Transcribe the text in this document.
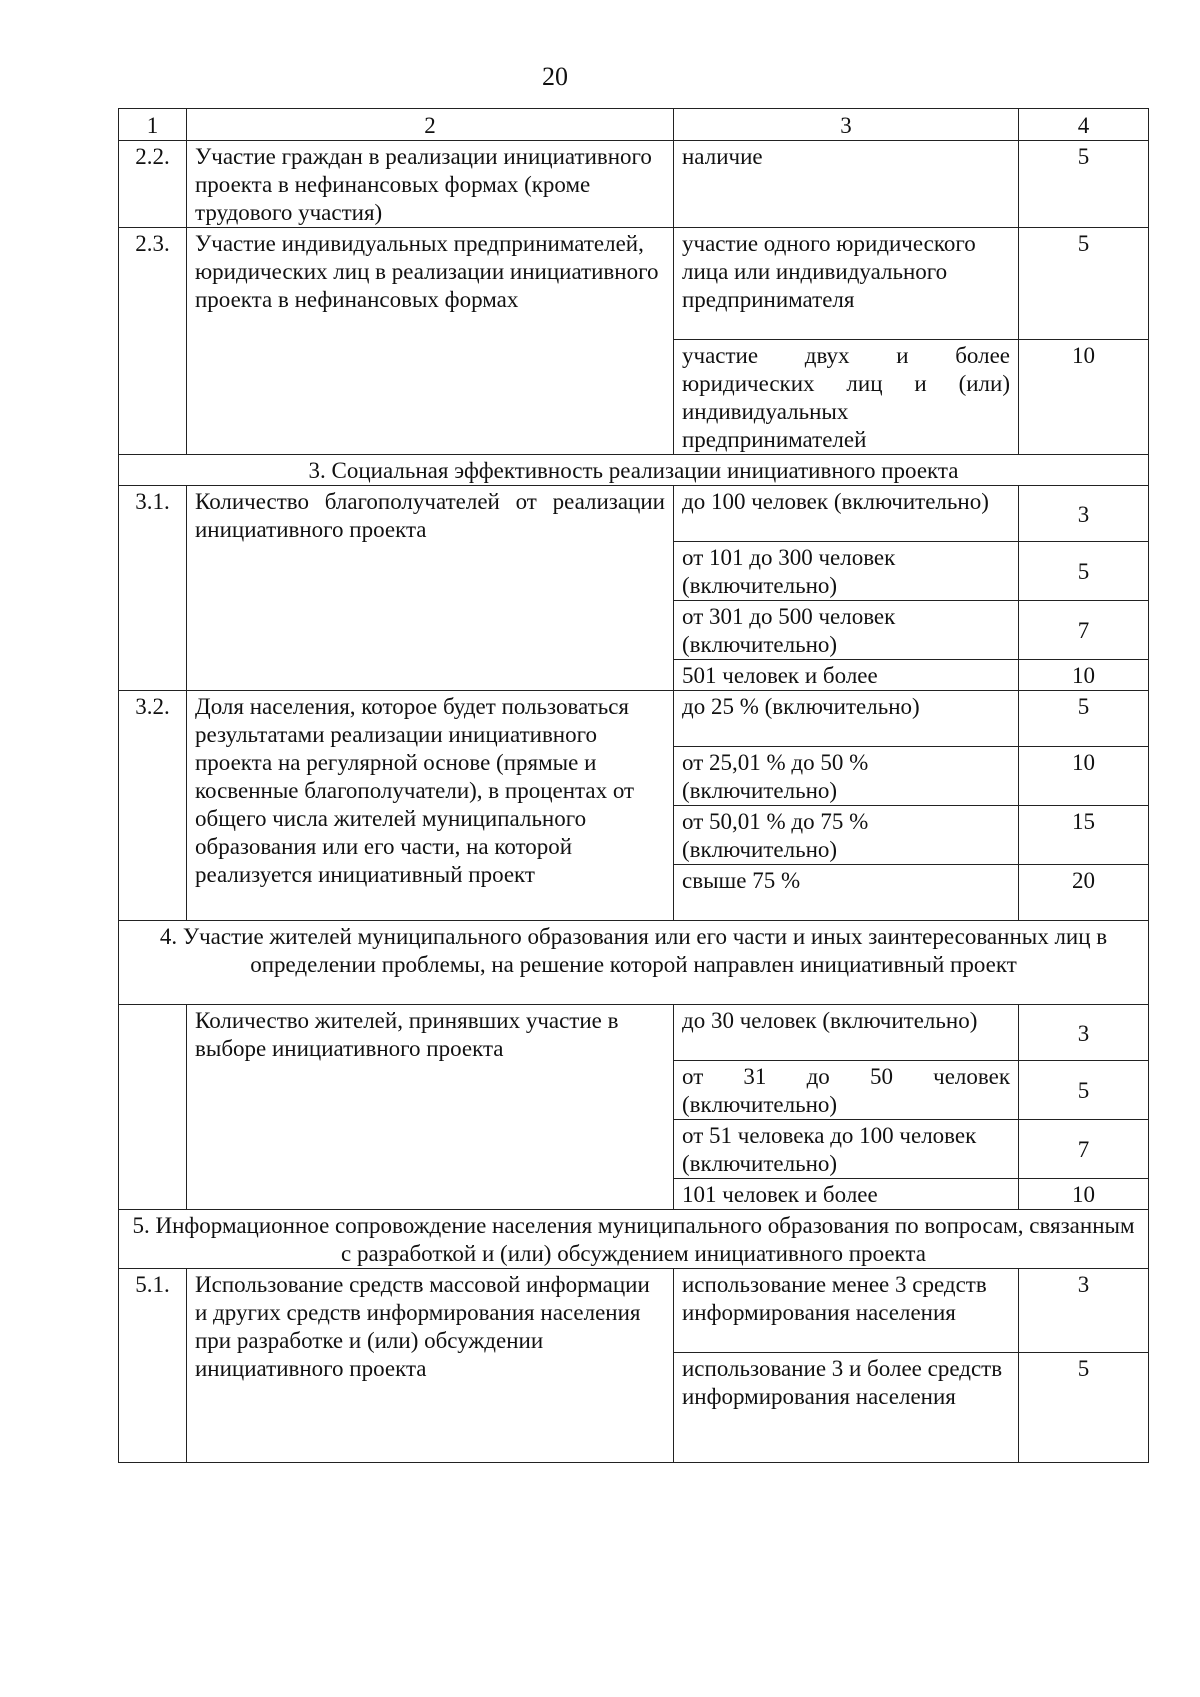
20
1	2	3	4
2.2.	Участие граждан в реализации инициативного проекта в нефинансовых формах (кроме трудового участия)	наличие	5
2.3.	Участие индивидуальных предпринимателей, юридических лиц в реализации инициативного проекта в нефинансовых формах	участие одного юридического лица или индивидуального предпринимателя	5
		участие двух и более юридических лиц и (или) индивидуальных предпринимателей	10
3. Социальная эффективность реализации инициативного проекта			
3.1.	Количество благополучателей от реализации инициативного проекта	до 100 человек (включительно)	3
		от 101 до 300 человек (включительно)	5
		от 301 до 500 человек (включительно)	7
		501 человек и более	10
3.2.	Доля населения, которое будет пользоваться результатами реализации инициативного проекта на регулярной основе (прямые и косвенные благополучатели), в процентах от общего числа жителей муниципального образования или его части, на которой реализуется инициативный проект	до 25 % (включительно)	5
		от 25,01 % до 50 % (включительно)	10
		от 50,01 % до 75 % (включительно)	15
		свыше 75 %	20
4. Участие жителей муниципального образования или его части и иных заинтересованных лиц в определении проблемы, на решение которой направлен инициативный проект			
	Количество жителей, принявших участие в выборе инициативного проекта	до 30 человек (включительно)	3
		от 31 до 50 человек (включительно)	5
		от 51 человека до 100 человек (включительно)	7
		101 человек и более	10
5. Информационное сопровождение населения муниципального образования по вопросам, связанным с разработкой и (или) обсуждением инициативного проекта			
5.1.	Использование средств массовой информации и других средств информирования населения при разработке и (или) обсуждении инициативного проекта	использование менее 3 средств информирования населения	3
		использование 3 и более средств информирования населения	5
